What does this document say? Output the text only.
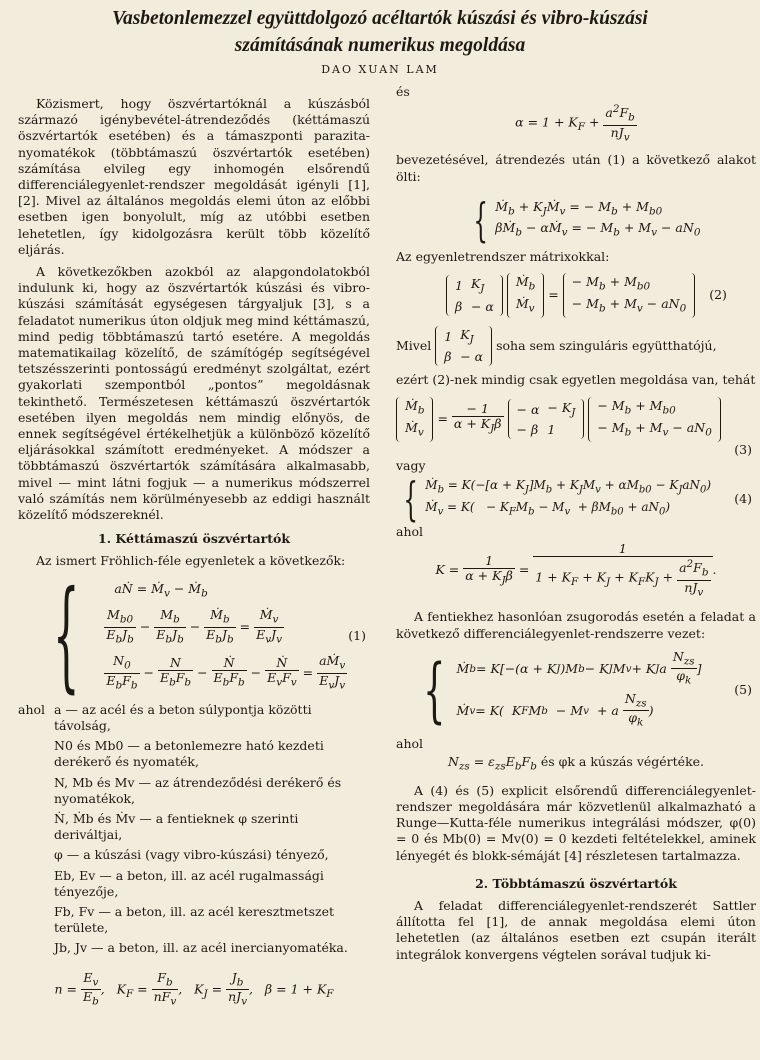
Vasbetonlemezzel együttdolgozó acéltartók kúszási és vibro-kúszási
számításának numerikus megoldása
DAO XUAN LAM

Közismert, hogy öszvértartóknál a kúszásból származó igénybevétel-átrendeződés (kéttámaszú öszvértartók esetében) és a támaszponti parazita-nyomatékok (többtámaszú öszvértartók esetében) számítása elvileg egy inhomogén elsőrendű differenciálegyenlet-rendszer megoldását igényli [1], [2]. Mivel az általános megoldás elemi úton az előbbi esetben igen bonyolult, míg az utóbbi esetben lehetetlen, így kidolgozásra került több közelítő eljárás.

A következőkben azokból az alapgondolatokból indulunk ki, hogy az öszvértartók kúszási és vibro-kúszási számítását egységesen tárgyaljuk [3], s a feladatot numerikus úton oldjuk meg mind kéttámaszú, mind pedig többtámaszú tartó esetére. A megoldás matematikailag közelítő, de számítógép segítségével tetszésszerinti pontosságú eredményt szolgáltat, ezért gyakorlati szempontból „pontos” megoldásnak tekinthető. Természetesen kéttámaszú öszvértartók esetében ilyen megoldás nem mindig előnyös, de ennek segítségével értékelhetjük a különböző közelítő eljárásokkal számított eredményeket. A módszer a többtámaszú öszvértartók számítására alkalmasabb, mivel — mint látni fogjuk — a numerikus módszerrel való számítás nem körülményesebb az eddigi használt közelítő módszereknél.

1. Kéttámaszú öszvértartók

Az ismert Fröhlich-féle egyenletek a következők:

{	aṄ = Ṁ$_v$ − Ṁ$_b$
$\frac{M_{b0}}{E_bJ_b} - \frac{M_b}{E_bJ_b} - \frac{Ṁ_b}{E_bJ_b} = \frac{Ṁ_v}{E_vJ_v}$
$\frac{N_0}{E_bF_b} - \frac{N}{E_bF_b} - \frac{\text{Ṅ}}{E_bF_b} - \frac{\text{Ṅ}}{E_vF_v} = \frac{aṀ_v}{E_vJ_v}$
(1)
ahol a — az acél és a beton súlypontja közötti távolság,
N0 és Mb0 — a betonlemezre ható kezdeti derékerő és nyomaték,
N, Mb és Mv — az átrendeződési derékerő és nyomatékok,
Ṅ, Ṁb és Ṁv — a fentieknek φ szerinti deriváltjai,
φ — a kúszási (vagy vibro-kúszási) tényező,
Eb, Ev — a beton, ill. az acél rugalmassági tényezője,
Fb, Fv — a beton, ill. az acél keresztmetszet területe,
Jb, Jv — a beton, ill. az acél inercianyomatéka.
$n = \frac{E_v}{E_b}$ ,   $K_F = \frac{F_b}{nF_v}$ ,   $K_J = \frac{J_b}{nJ_v}$ ,   $\beta = 1 + K_F$
és
$\alpha = 1 + K_F + \frac{a^2F_b}{nJ_v}$

bevezetésével, átrendezés után (1) a következő alakot ölti:

{ Ṁ$_b$ + $K_JṀ_v$ = − $M_b + M_{b0}$
βṀ$_b$ − αṀ$_v$ = − $M_b + M_v - aN_0$

Az egyenletrendszer mátrixokkal:

1	$K_J$
β	− α

Ṁ$_b$
Ṁ$_v$
=
− $M_b + M_{b0}$
− $M_b + M_v - aN_0$
(2)
Mivel

1	$K_J$
β	− α

soha sem szinguláris együtthatójú,

ezért (2)-nek mindig csak egyetlen megoldása van, tehát

Ṁ$_b$
Ṁ$_v$
= $\frac{- 1}{\alpha + K_J\beta}$
− α	− $K_J$
− β	1

− $M_b + M_{b0}$
− $M_b + M_v - aN_0$
(3)
vagy
{ Ṁ$_b$ = $K(-[\alpha + K_J]M_b + K_JM_v + \alpha M_{b0} - K_JaN_0)$
Ṁ$_v$ = $K( - K_FM_b - M_v + \beta M_{b0} + aN_0)$
(4)
ahol
$K = \frac{1}{\alpha + K_J\beta} = \frac{1}{1 + K_F + K_J + K_FK_J + \frac{a^2F_b}{nJ_v}}$ .

A fentiekhez hasonlóan zsugorodás esetén a feladat a következő differenciálegyenlet-rendszerre vezet:

{ Ṁ b = K[−(α + K J )M b − K J M v + K J a $\frac{N_{zs}}{\varphi_k}$ ]
Ṁ v = K(  K F M b − M v + a $\frac{N_{zs}}{\varphi_k}$ )
(5)
ahol
$N_{zs} = \varepsilon_{zs}E_bF_b$ és φk a kúszás végértéke.

A (4) és (5) explicit elsőrendű differenciálegyenlet-rendszer megoldására már közvetlenül alkalmazható a Runge—Kutta-féle numerikus integrálási módszer, φ(0) = 0 és Mb(0) = Mv(0) = 0 kezdeti feltételekkel, aminek lényegét és blokk-sémáját [4] részletesen tartalmazza.

2. Többtámaszú öszvértartók

A feladat differenciálegyenlet-rendszerét Sattler állította fel [1], de annak megoldása elemi úton lehetetlen (az általános esetben ezt csupán iterált integrálok konvergens végtelen sorával tudjuk ki-
